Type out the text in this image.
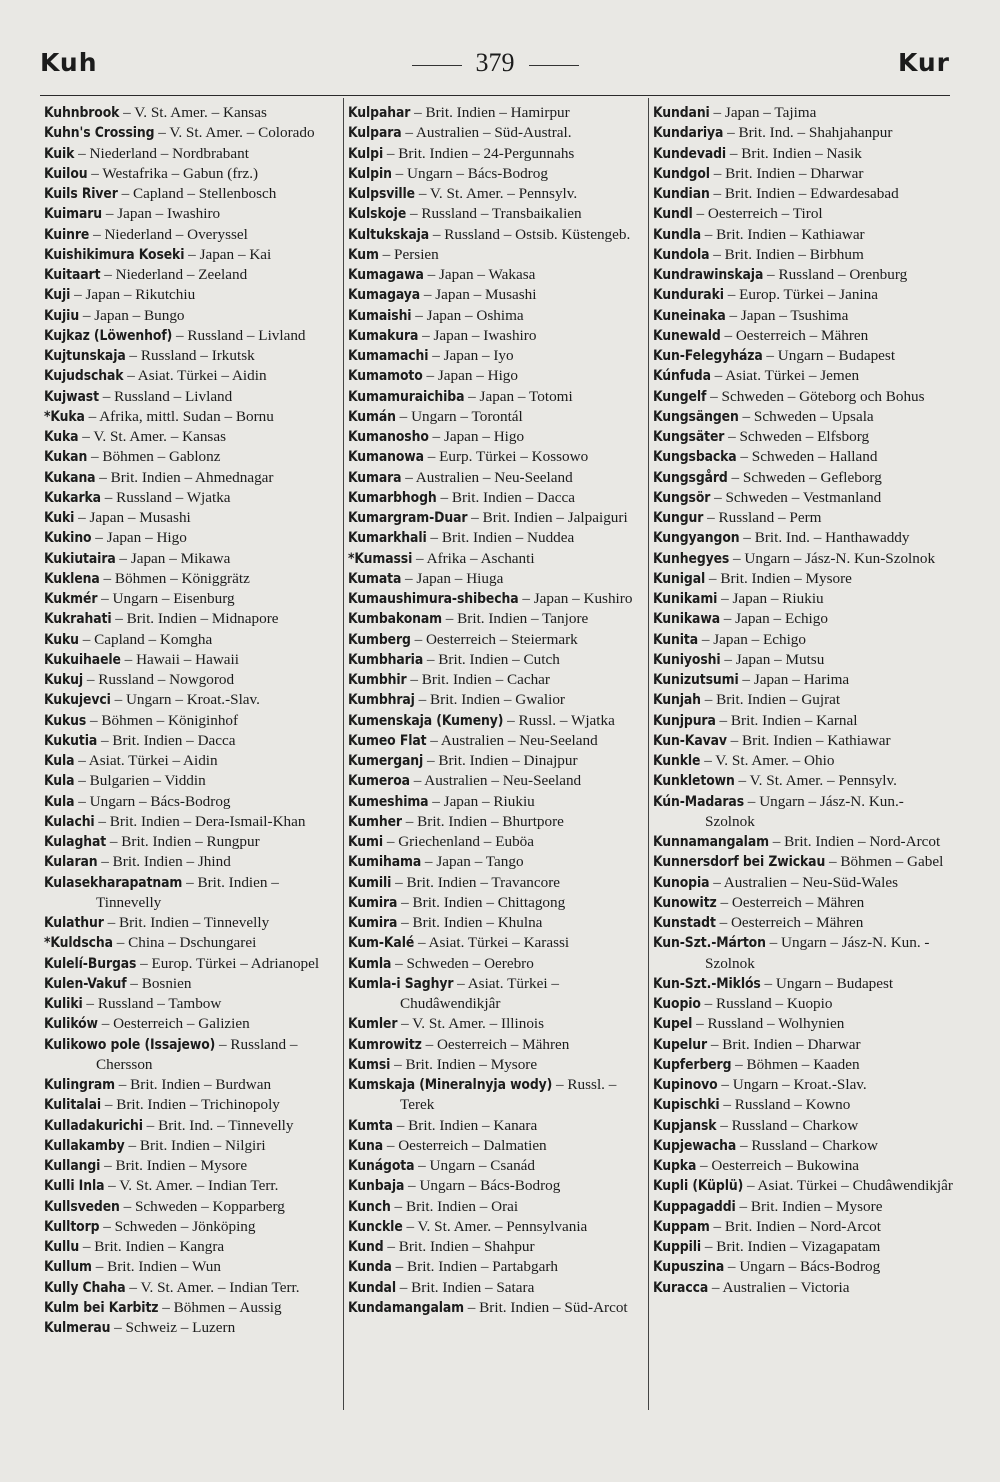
Kuh	379	Kur

Kuhnbrook – V. St. Amer. – Kansas

Kuhn's Crossing – V. St. Amer. – Colorado

Kuik – Niederland – Nordbrabant

Kuilou – Westafrika – Gabun (frz.)

Kuils River – Capland – Stellenbosch

Kuimaru – Japan – Iwashiro

Kuinre – Niederland – Overyssel

Kuishikimura Koseki – Japan – Kai

Kuitaart – Niederland – Zeeland

Kuji – Japan – Rikutchiu

Kujiu – Japan – Bungo

Kujkaz (Löwenhof) – Russland – Livland

Kujtunskaja – Russland – Irkutsk

Kujudschak – Asiat. Türkei – Aidin

Kujwast – Russland – Livland

*Kuka – Afrika, mittl. Sudan – Bornu

Kuka – V. St. Amer. – Kansas

Kukan – Böhmen – Gablonz

Kukana – Brit. Indien – Ahmednagar

Kukarka – Russland – Wjatka

Kuki – Japan – Musashi

Kukino – Japan – Higo

Kukiutaira – Japan – Mikawa

Kuklena – Böhmen – Königgrätz

Kukmér – Ungarn – Eisenburg

Kukrahati – Brit. Indien – Midnapore

Kuku – Capland – Komgha

Kukuihaele – Hawaii – Hawaii

Kukuj – Russland – Nowgorod

Kukujevci – Ungarn – Kroat.-Slav.

Kukus – Böhmen – Königinhof

Kukutia – Brit. Indien – Dacca

Kula – Asiat. Türkei – Aidin

Kula – Bulgarien – Viddin

Kula – Ungarn – Bács-Bodrog

Kulachi – Brit. Indien – Dera-Ismail-Khan

Kulaghat – Brit. Indien – Rungpur

Kularan – Brit. Indien – Jhind

Kulasekharapatnam – Brit. Indien – Tinnevelly

Kulathur – Brit. Indien – Tinnevelly

*Kuldscha – China – Dschungarei

Kulelí-Burgas – Europ. Türkei – Adrianopel

Kulen-Vakuf – Bosnien

Kuliki – Russland – Tambow

Kulików – Oesterreich – Galizien

Kulikowo pole (Issajewo) – Russland – Chersson

Kulingram – Brit. Indien – Burdwan

Kulitalai – Brit. Indien – Trichinopoly

Kulladakurichi – Brit. Ind. – Tinnevelly

Kullakamby – Brit. Indien – Nilgiri

Kullangi – Brit. Indien – Mysore

Kulli Inla – V. St. Amer. – Indian Terr.

Kullsveden – Schweden – Kopparberg

Kulltorp – Schweden – Jönköping

Kullu – Brit. Indien – Kangra

Kullum – Brit. Indien – Wun

Kully Chaha – V. St. Amer. – Indian Terr.

Kulm bei Karbitz – Böhmen – Aussig

Kulmerau – Schweiz – Luzern

Kulpahar – Brit. Indien – Hamirpur

Kulpara – Australien – Süd-Austral.

Kulpi – Brit. Indien – 24-Pergunnahs

Kulpin – Ungarn – Bács-Bodrog

Kulpsville – V. St. Amer. – Pennsylv.

Kulskoje – Russland – Transbaikalien

Kultukskaja – Russland – Ostsib. Küstengeb.

Kum – Persien

Kumagawa – Japan – Wakasa

Kumagaya – Japan – Musashi

Kumaishi – Japan – Oshima

Kumakura – Japan – Iwashiro

Kumamachi – Japan – Iyo

Kumamoto – Japan – Higo

Kumamuraichiba – Japan – Totomi

Kumán – Ungarn – Torontál

Kumanosho – Japan – Higo

Kumanowa – Eurp. Türkei – Kossowo

Kumara – Australien – Neu-Seeland

Kumarbhogh – Brit. Indien – Dacca

Kumargram-Duar – Brit. Indien – Jalpaiguri

Kumarkhali – Brit. Indien – Nuddea

*Kumassi – Afrika – Aschanti

Kumata – Japan – Hiuga

Kumaushimura-shibecha – Japan – Kushiro

Kumbakonam – Brit. Indien – Tanjore

Kumberg – Oesterreich – Steiermark

Kumbharia – Brit. Indien – Cutch

Kumbhir – Brit. Indien – Cachar

Kumbhraj – Brit. Indien – Gwalior

Kumenskaja (Kumeny) – Russl. – Wjatka

Kumeo Flat – Australien – Neu-Seeland

Kumerganj – Brit. Indien – Dinajpur

Kumeroa – Australien – Neu-Seeland

Kumeshima – Japan – Riukiu

Kumher – Brit. Indien – Bhurtpore

Kumi – Griechenland – Euböa

Kumihama – Japan – Tango

Kumili – Brit. Indien – Travancore

Kumira – Brit. Indien – Chittagong

Kumira – Brit. Indien – Khulna

Kum-Kalé – Asiat. Türkei – Karassi

Kumla – Schweden – Oerebro

Kumla-i Saghyr – Asiat. Türkei – Chudâwendikjâr

Kumler – V. St. Amer. – Illinois

Kumrowitz – Oesterreich – Mähren

Kumsi – Brit. Indien – Mysore

Kumskaja (Mineralnyja wody) – Russl. – Terek

Kumta – Brit. Indien – Kanara

Kuna – Oesterreich – Dalmatien

Kunágota – Ungarn – Csanád

Kunbaja – Ungarn – Bács-Bodrog

Kunch – Brit. Indien – Orai

Kunckle – V. St. Amer. – Pennsylvania

Kund – Brit. Indien – Shahpur

Kunda – Brit. Indien – Partabgarh

Kundal – Brit. Indien – Satara

Kundamangalam – Brit. Indien – Süd-Arcot

Kundani – Japan – Tajima

Kundariya – Brit. Ind. – Shahjahanpur

Kundevadi – Brit. Indien – Nasik

Kundgol – Brit. Indien – Dharwar

Kundian – Brit. Indien – Edwardesabad

Kundl – Oesterreich – Tirol

Kundla – Brit. Indien – Kathiawar

Kundola – Brit. Indien – Birbhum

Kundrawinskaja – Russland – Orenburg

Kunduraki – Europ. Türkei – Janina

Kuneinaka – Japan – Tsushima

Kunewald – Oesterreich – Mähren

Kun-Felegyháza – Ungarn – Budapest

Kúnfuda – Asiat. Türkei – Jemen

Kungelf – Schweden – Göteborg och Bohus

Kungsängen – Schweden – Upsala

Kungsäter – Schweden – Elfsborg

Kungsbacka – Schweden – Halland

Kungsgård – Schweden – Gefleborg

Kungsör – Schweden – Vestmanland

Kungur – Russland – Perm

Kungyangon – Brit. Ind. – Hanthawaddy

Kunhegyes – Ungarn – Jász-N. Kun-Szolnok

Kunigal – Brit. Indien – Mysore

Kunikami – Japan – Riukiu

Kunikawa – Japan – Echigo

Kunita – Japan – Echigo

Kuniyoshi – Japan – Mutsu

Kunizutsumi – Japan – Harima

Kunjah – Brit. Indien – Gujrat

Kunjpura – Brit. Indien – Karnal

Kun-Kavav – Brit. Indien – Kathiawar

Kunkle – V. St. Amer. – Ohio

Kunkletown – V. St. Amer. – Pennsylv.

Kún-Madaras – Ungarn – Jász-N. Kun.-Szolnok

Kunnamangalam – Brit. Indien – Nord-Arcot

Kunnersdorf bei Zwickau – Böhmen – Gabel

Kunopia – Australien – Neu-Süd-Wales

Kunowitz – Oesterreich – Mähren

Kunstadt – Oesterreich – Mähren

Kun-Szt.-Márton – Ungarn – Jász-N. Kun. - Szolnok

Kun-Szt.-Miklós – Ungarn – Budapest

Kuopio – Russland – Kuopio

Kupel – Russland – Wolhynien

Kupelur – Brit. Indien – Dharwar

Kupferberg – Böhmen – Kaaden

Kupinovo – Ungarn – Kroat.-Slav.

Kupischki – Russland – Kowno

Kupjansk – Russland – Charkow

Kupjewacha – Russland – Charkow

Kupka – Oesterreich – Bukowina

Kupli (Küplü) – Asiat. Türkei – Chudâwendikjâr

Kuppagaddi – Brit. Indien – Mysore

Kuppam – Brit. Indien – Nord-Arcot

Kuppili – Brit. Indien – Vizagapatam

Kupuszina – Ungarn – Bács-Bodrog

Kuracca – Australien – Victoria
